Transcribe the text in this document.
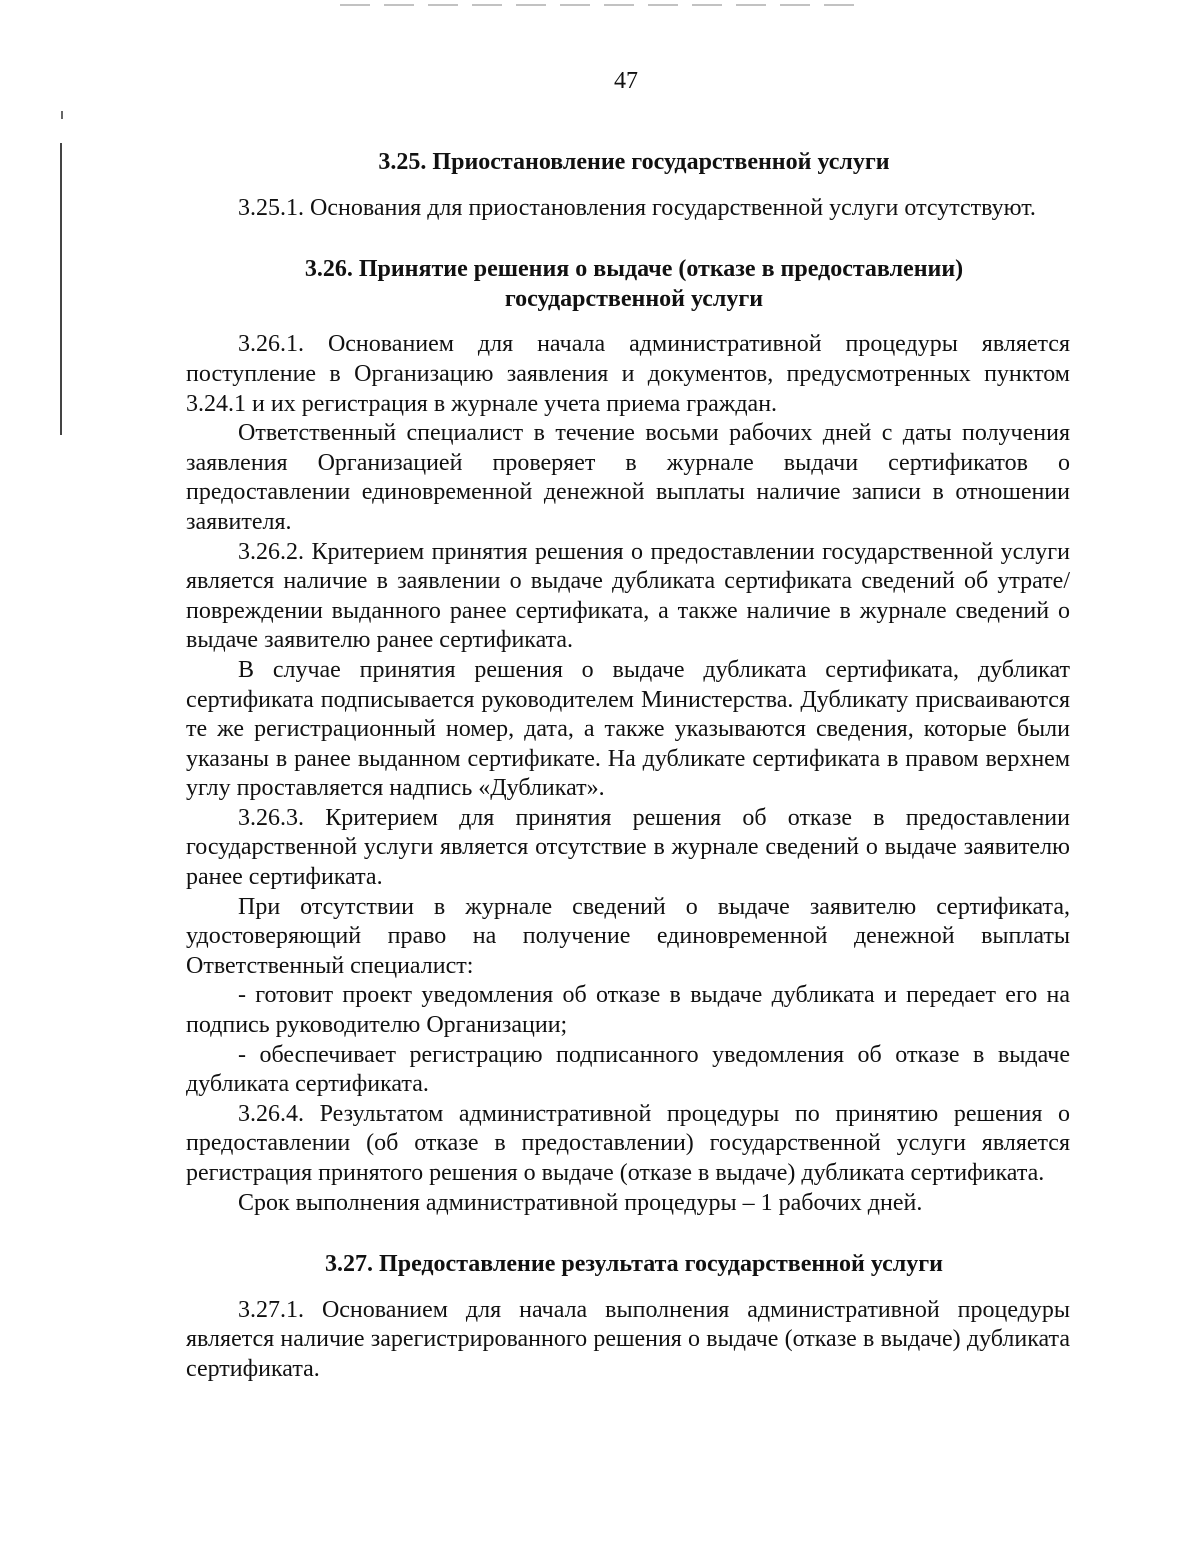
47

3.25. Приостановление государственной услуги

3.25.1. Основания для приостановления государственной услуги отсутствуют.

3.26. Принятие решения о выдаче (отказе в предоставлении)
государственной услуги

3.26.1. Основанием для начала административной процедуры является поступление в Организацию заявления и документов, предусмотренных пунктом 3.24.1 и их регистрация в журнале учета приема граждан.

Ответственный специалист в течение восьми рабочих дней с даты получения заявления Организацией проверяет в журнале выдачи сертификатов о предоставлении единовременной денежной выплаты наличие записи в отношении заявителя.

3.26.2. Критерием принятия решения о предоставлении государственной услуги является наличие в заявлении о выдаче дубликата сертификата сведений об утрате/повреждении выданного ранее сертификата, а также наличие в журнале сведений о выдаче заявителю ранее сертификата.

В случае принятия решения о выдаче дубликата сертификата, дубликат сертификата подписывается руководителем Министерства. Дубликату присваиваются те же регистрационный номер, дата, а также указываются сведения, которые были указаны в ранее выданном сертификате. На дубликате сертификата в правом верхнем углу проставляется надпись «Дубликат».

3.26.3. Критерием для принятия решения об отказе в предоставлении государственной услуги является отсутствие в журнале сведений о выдаче заявителю ранее сертификата.

При отсутствии в журнале сведений о выдаче заявителю сертификата, удостоверяющий право на получение единовременной денежной выплаты Ответственный специалист:

- готовит проект уведомления об отказе в выдаче дубликата и передает его на подпись руководителю Организации;

- обеспечивает регистрацию подписанного уведомления об отказе в выдаче дубликата сертификата.

3.26.4. Результатом административной процедуры по принятию решения о предоставлении (об отказе в предоставлении) государственной услуги является регистрация принятого решения о выдаче (отказе в выдаче) дубликата сертификата.

Срок выполнения административной процедуры – 1 рабочих дней.

3.27. Предоставление результата государственной услуги

3.27.1. Основанием для начала выполнения административной процедуры является наличие зарегистрированного решения о выдаче (отказе в выдаче) дубликата сертификата.
